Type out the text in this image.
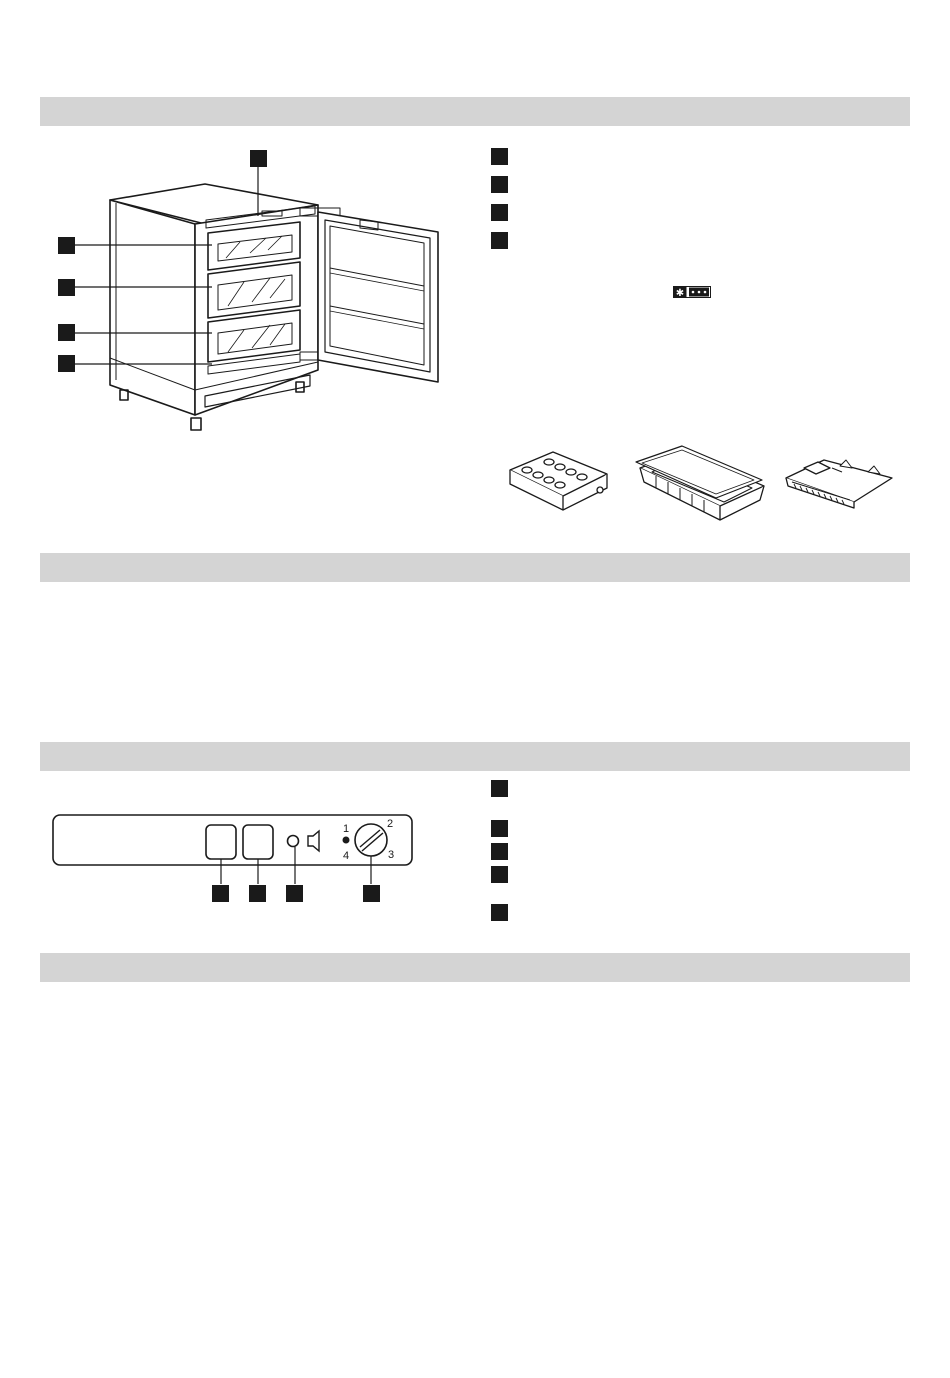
✱
1	2
3
4
